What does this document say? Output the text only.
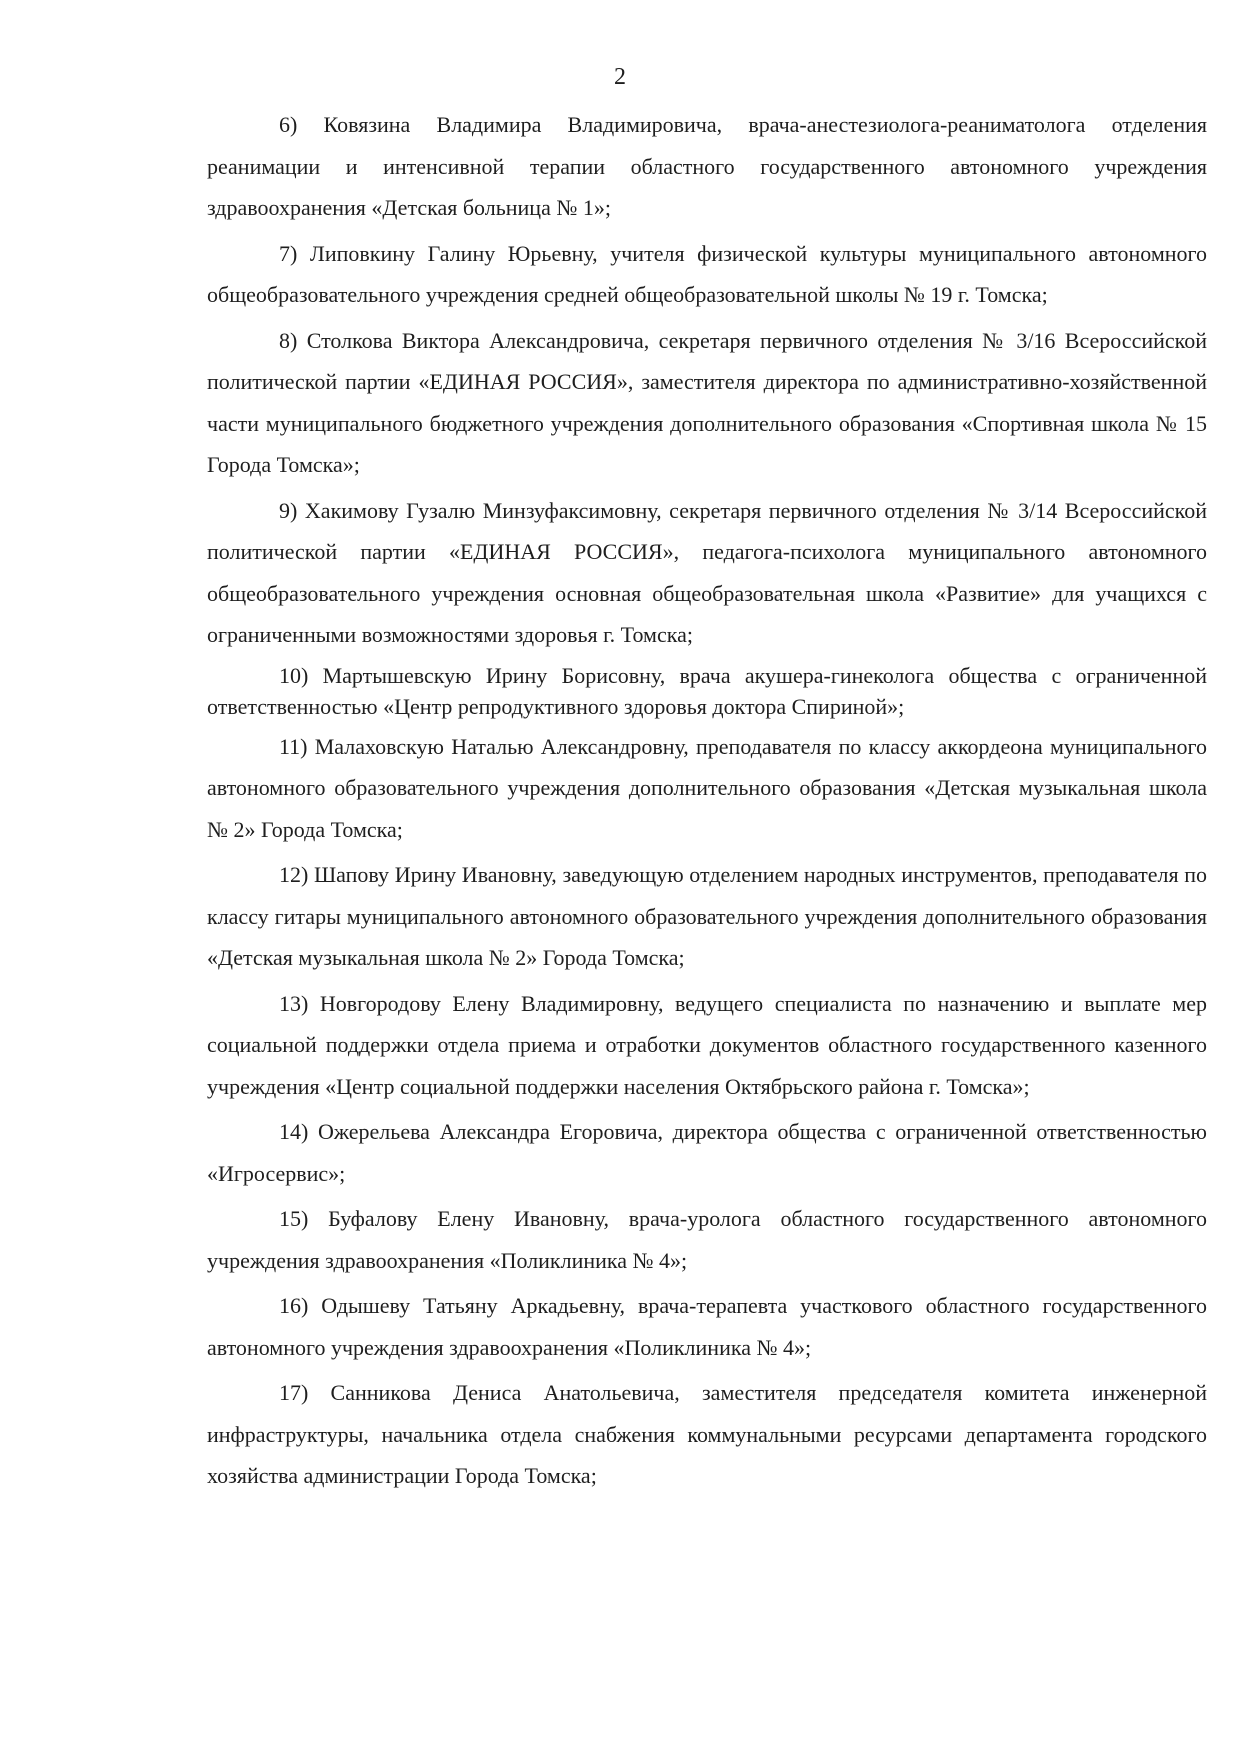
2

6) Ковязина Владимира Владимировича, врача-анестезиолога-реаниматолога отделения реанимации и интенсивной терапии областного государственного автономного учреждения здравоохранения «Детская больница № 1»;

7) Липовкину Галину Юрьевну, учителя физической культуры муниципального автономного общеобразовательного учреждения средней общеобразовательной школы № 19 г. Томска;

8) Столкова Виктора Александровича, секретаря первичного отделения № 3/16 Всероссийской политической партии «ЕДИНАЯ РОССИЯ», заместителя директора по административно-хозяйственной части муниципального бюджетного учреждения дополнительного образования «Спортивная школа № 15 Города Томска»;

9) Хакимову Гузалю Минзуфаксимовну, секретаря первичного отделения № 3/14 Всероссийской политической партии «ЕДИНАЯ РОССИЯ», педагога-психолога муниципального автономного общеобразовательного учреждения основная общеобразовательная школа «Развитие» для учащихся с ограниченными возможностями здоровья г. Томска;

10) Мартышевскую Ирину Борисовну, врача акушера-гинеколога общества с ограниченной ответственностью «Центр репродуктивного здоровья доктора Спириной»;

11) Малаховскую Наталью Александровну, преподавателя по классу аккордеона муниципального автономного образовательного учреждения дополнительного образования «Детская музыкальная школа № 2» Города Томска;

12) Шапову Ирину Ивановну, заведующую отделением народных инструментов, преподавателя по классу гитары муниципального автономного образовательного учреждения дополнительного образования «Детская музыкальная школа № 2» Города Томска;

13) Новгородову Елену Владимировну, ведущего специалиста по назначению и выплате мер социальной поддержки отдела приема и отработки документов областного государственного казенного учреждения «Центр социальной поддержки населения Октябрьского района г. Томска»;

14) Ожерельева Александра Егоровича, директора общества с ограниченной ответственностью «Игросервис»;

15) Буфалову Елену Ивановну, врача-уролога областного государственного автономного учреждения здравоохранения «Поликлиника № 4»;

16) Одышеву Татьяну Аркадьевну, врача-терапевта участкового областного государственного автономного учреждения здравоохранения «Поликлиника № 4»;

17) Санникова Дениса Анатольевича, заместителя председателя комитета инженерной инфраструктуры, начальника отдела снабжения коммунальными ресурсами департамента городского хозяйства администрации Города Томска;
